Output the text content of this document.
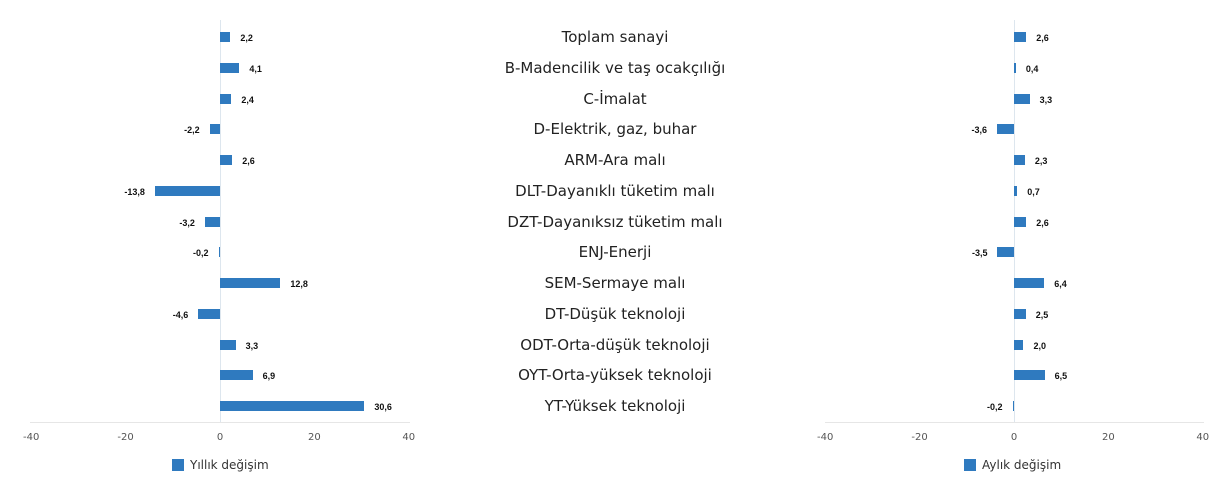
-40	-20	0	20	40
2,2
4,1
2,4
-2,2
2,6
-13,8
-3,2
-0,2
12,8
-4,6
3,3
6,9
30,6
Yıllık değişim
-40	-20	0	20	40
2,6
0,4
3,3
-3,6
2,3
0,7
2,6
-3,5
6,4
2,5
2,0
6,5
-0,2
Aylık değişim
Toplam sanayi
B-Madencilik ve taş ocakçılığı
C-İmalat
D-Elektrik, gaz, buhar
ARM-Ara malı
DLT-Dayanıklı tüketim malı
DZT-Dayanıksız tüketim malı
ENJ-Enerji
SEM-Sermaye malı
DT-Düşük teknoloji
ODT-Orta-düşük teknoloji
OYT-Orta-yüksek teknoloji
YT-Yüksek teknoloji
